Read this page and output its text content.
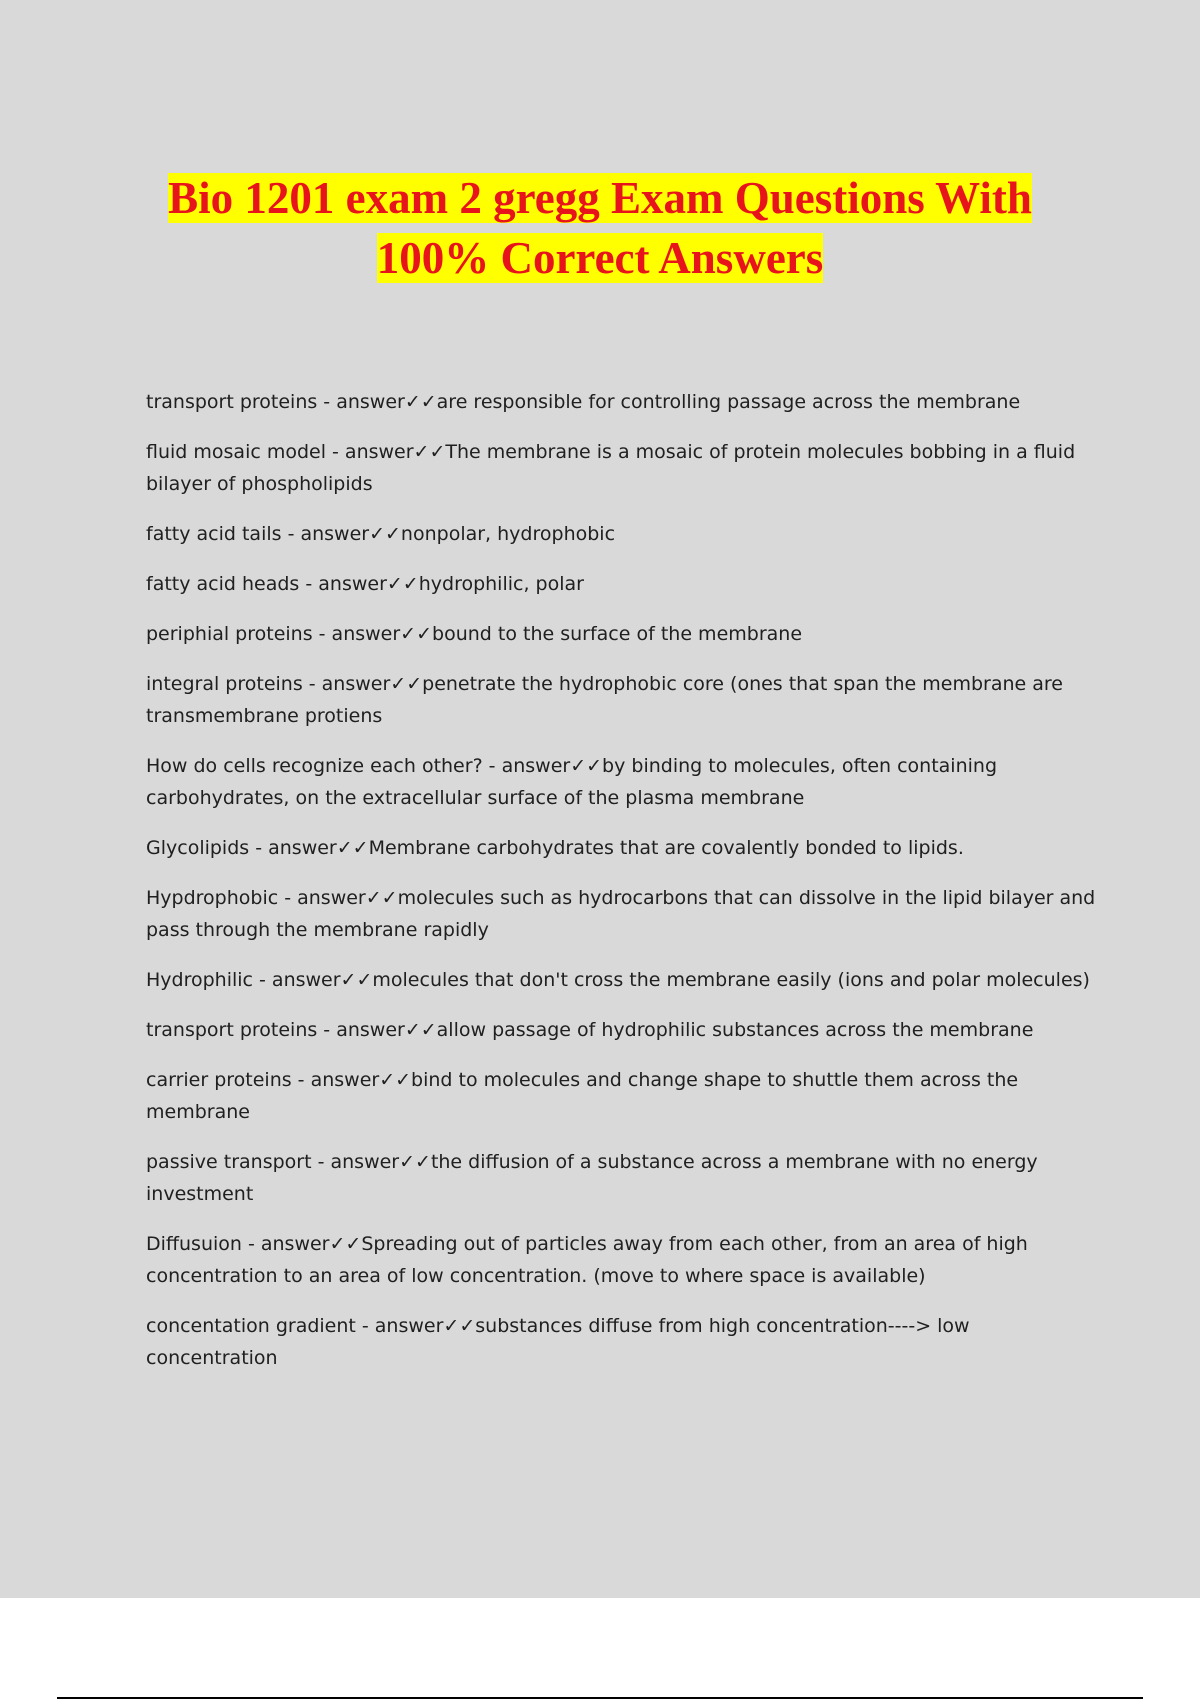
Bio 1201 exam 2 gregg Exam Questions With
100% Correct Answers
transport proteins - answer✓✓are responsible for controlling passage across the membrane
fluid mosaic model - answer✓✓The membrane is a mosaic of protein molecules bobbing in a fluid bilayer of phospholipids
fatty acid tails - answer✓✓nonpolar, hydrophobic
fatty acid heads - answer✓✓hydrophilic, polar
periphial proteins - answer✓✓bound to the surface of the membrane
integral proteins - answer✓✓penetrate the hydrophobic core (ones that span the membrane are transmembrane protiens
How do cells recognize each other? - answer✓✓by binding to molecules, often containing carbohydrates, on the extracellular surface of the plasma membrane
Glycolipids - answer✓✓Membrane carbohydrates that are covalently bonded to lipids.
Hypdrophobic - answer✓✓molecules such as hydrocarbons that can dissolve in the lipid bilayer and pass through the membrane rapidly
Hydrophilic - answer✓✓molecules that don't cross the membrane easily (ions and polar molecules)
transport proteins - answer✓✓allow passage of hydrophilic substances across the membrane
carrier proteins - answer✓✓bind to molecules and change shape to shuttle them across the membrane
passive transport - answer✓✓the diffusion of a substance across a membrane with no energy investment
Diffusuion - answer✓✓Spreading out of particles away from each other, from an area of high concentration to an area of low concentration. (move to where space is available)
concentation gradient - answer✓✓substances diffuse from high concentration----> low concentration
